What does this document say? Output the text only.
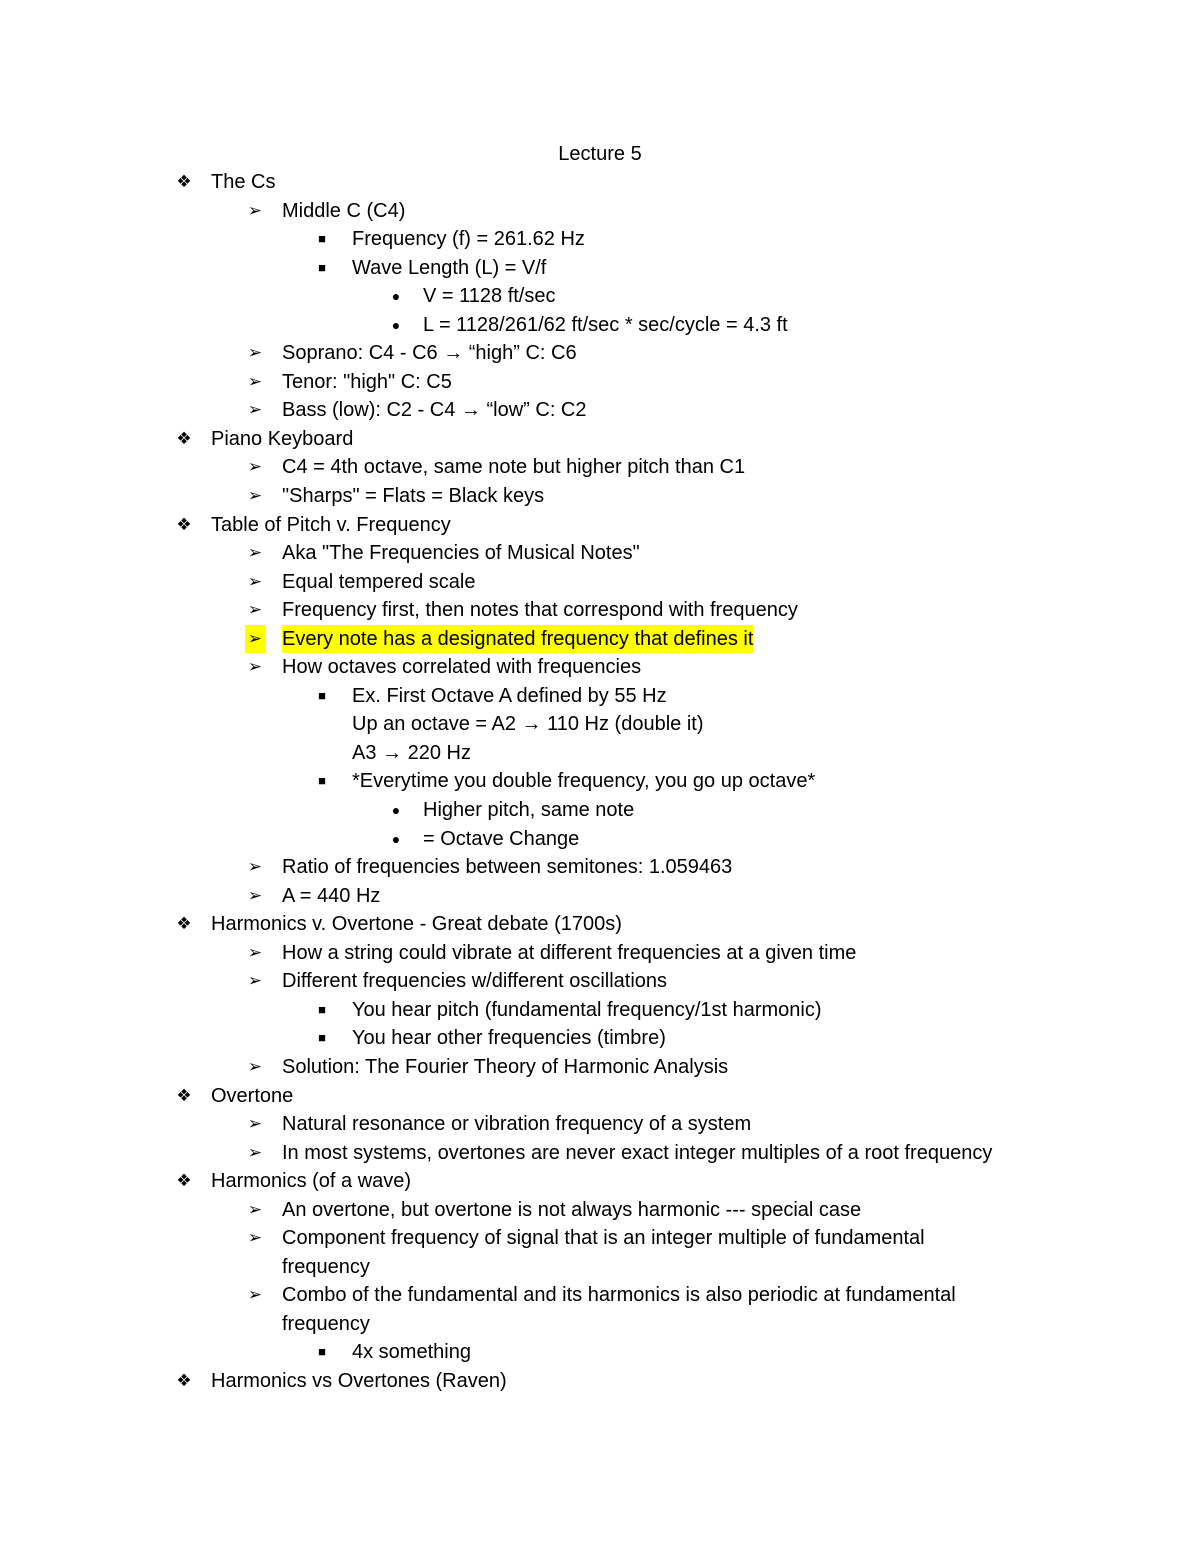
Lecture 5
❖ The Cs
➢ Middle C (C4)
■	Frequency (f) = 261.62 Hz
■	Wave Length (L) = V/f
● V = 1128 ft/sec
● L = 1128/261/62 ft/sec * sec/cycle = 4.3 ft
➢ Soprano: C4 - C6 → “high” C: C6
➢ Tenor: "high" C: C5
➢ Bass (low): C2 - C4 → “low” C: C2
❖ Piano Keyboard
➢ C4 = 4th octave, same note but higher pitch than C1
➢ "Sharps" = Flats = Black keys
❖ Table of Pitch v. Frequency
➢ Aka "The Frequencies of Musical Notes"
➢ Equal tempered scale
➢ Frequency first, then notes that correspond with frequency
➢ Every note has a designated frequency that defines it
➢ How octaves correlated with frequencies
■	Ex. First Octave A defined by 55 Hz
Up an octave = A2 → 110 Hz (double it)
A3 → 220 Hz
■	*Everytime you double frequency, you go up octave*
● Higher pitch, same note
● = Octave Change
➢ Ratio of frequencies between semitones: 1.059463
➢ A = 440 Hz
❖ Harmonics v. Overtone - Great debate (1700s)
➢ How a string could vibrate at different frequencies at a given time
➢ Different frequencies w/different oscillations
■	You hear pitch (fundamental frequency/1st harmonic)
■	You hear other frequencies (timbre)
➢ Solution: The Fourier Theory of Harmonic Analysis
❖ Overtone
➢ Natural resonance or vibration frequency of a system
➢ In most systems, overtones are never exact integer multiples of a root frequency
❖ Harmonics (of a wave)
➢ An overtone, but overtone is not always harmonic --- special case
➢ Component frequency of signal that is an integer multiple of fundamental
frequency
➢ Combo of the fundamental and its harmonics is also periodic at fundamental
frequency
■	4x something
❖ Harmonics vs Overtones (Raven)
